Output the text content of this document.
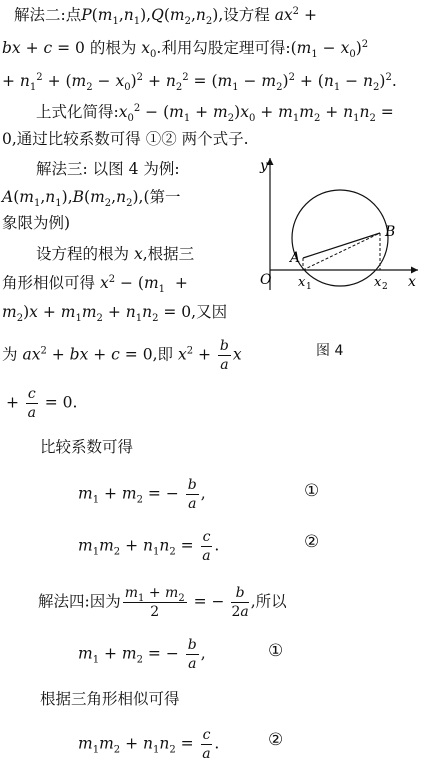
解法二:点$P(m_1,n_1),Q(m_2,n_2)$,设方程 $ax^2$ +
bx + c = 0 的根为 $x_0$.利用勾股定理可得$:(m_1 - x_0)^2$
+ $n_1^2 + (m_2 - x_0)^2 + n_2^2 = (m_1 - m_2)^2 + (n_1 - n_2)^2$.
上式化简得$:x_0^2 - (m_1 + m_2)x_0 + m_1m_2 + n_1n_2$ =
0,通过比较系数可得 ①② 两个式子.
解法三: 以图 4 为例:
$A(m_1,n_1),B(m_2,n_2)$,(第一
象限为例)
设方程的根为 x,根据三
角形相似可得 $x^2 - (m_1$  +
$m_2)x + m_1m_2 + n_1n_2 = 0$,又因
为 $ax^2$ + bx + c = 0,即 $x^2 + \frac{b}{a}$ x
+ $\frac{c}{a} = 0$.
比较系数可得
$m_1 + m_2$ = − $\frac{b}{a}$ ,	①
$m_1m_2 + n_1n_2 = \frac{c}{a}$ .	②
解法四:因为 $\frac{m_1 + m_2}{2}$ = − $\frac{b}{2a}$ ,所以
$m_1 + m_2$ = − $\frac{b}{a}$ ,	①
根据三角形相似可得
$m_1m_2 + n_1n_2 = \frac{c}{a}$ .	②
y
x
O
A
B
x 1	x 2
图 4
